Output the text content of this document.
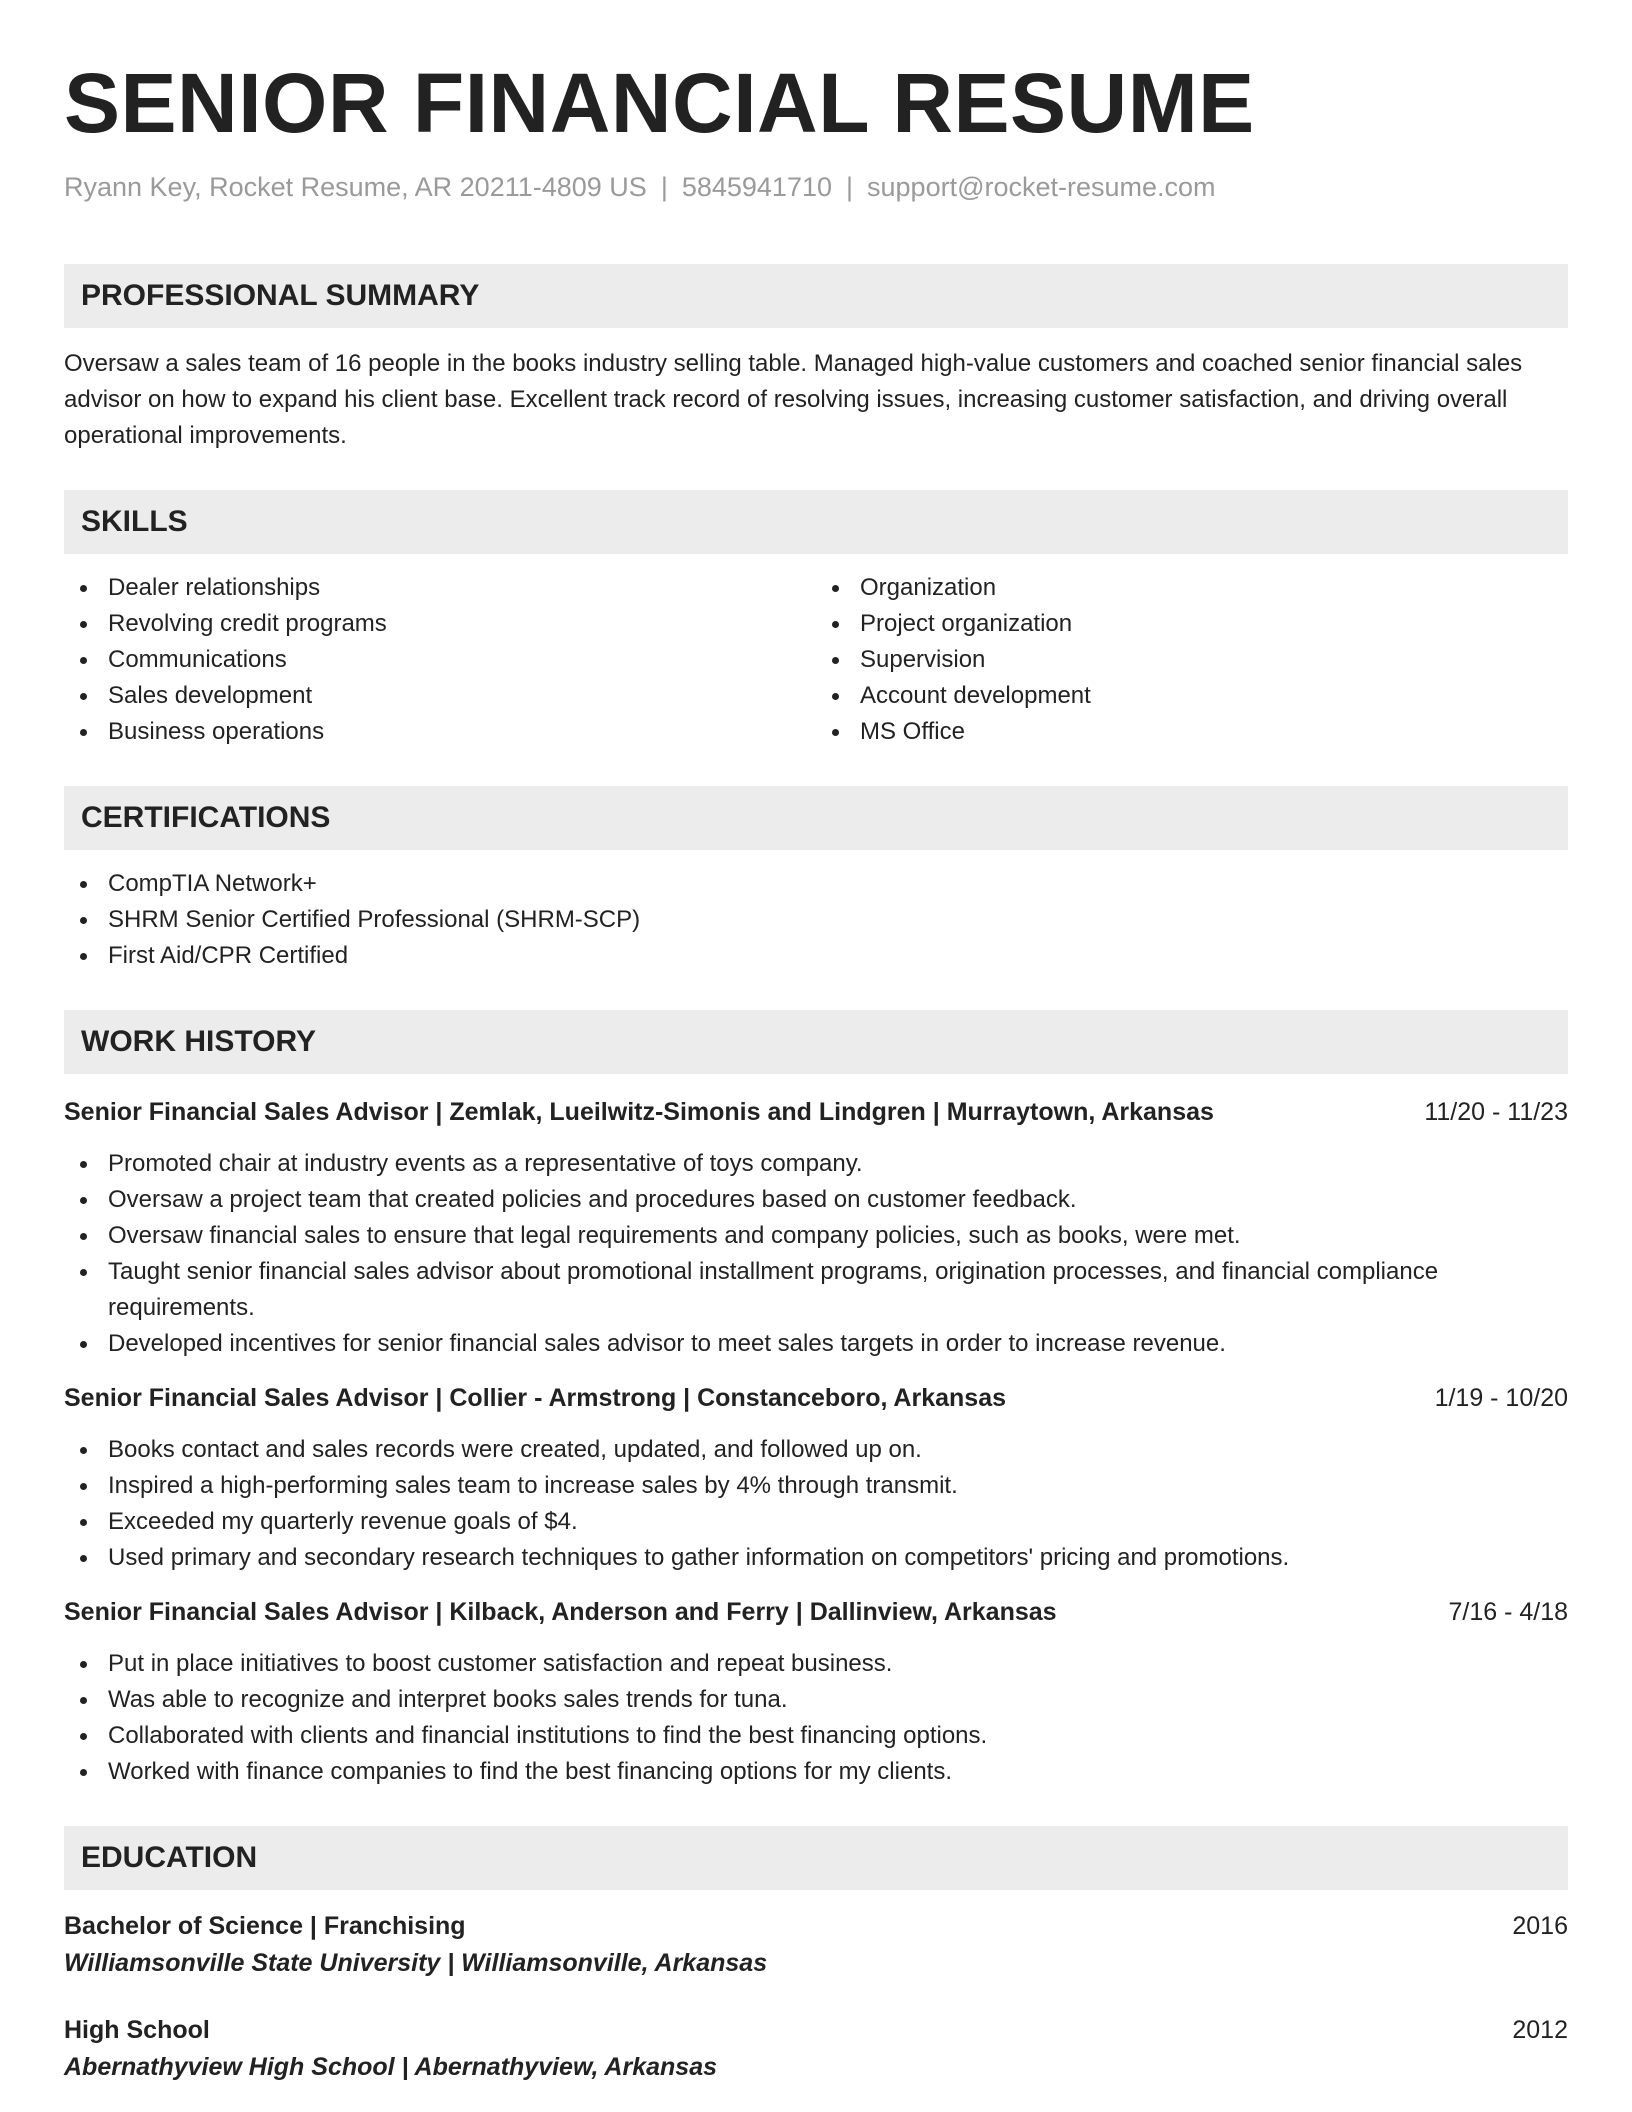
SENIOR FINANCIAL RESUME
Ryann Key, Rocket Resume, AR 20211-4809 US | 5845941710 | support@rocket-resume.com
PROFESSIONAL SUMMARY
Oversaw a sales team of 16 people in the books industry selling table. Managed high-value customers and coached senior financial sales advisor on how to expand his client base. Excellent track record of resolving issues, increasing customer satisfaction, and driving overall operational improvements.
SKILLS
Dealer relationships
Revolving credit programs
Communications
Sales development
Business operations
Organization
Project organization
Supervision
Account development
MS Office
CERTIFICATIONS
CompTIA Network+
SHRM Senior Certified Professional (SHRM-SCP)
First Aid/CPR Certified
WORK HISTORY
Senior Financial Sales Advisor | Zemlak, Lueilwitz-Simonis and Lindgren | Murraytown, Arkansas	11/20 - 11/23
Promoted chair at industry events as a representative of toys company.
Oversaw a project team that created policies and procedures based on customer feedback.
Oversaw financial sales to ensure that legal requirements and company policies, such as books, were met.
Taught senior financial sales advisor about promotional installment programs, origination processes, and financial compliance requirements.
Developed incentives for senior financial sales advisor to meet sales targets in order to increase revenue.
Senior Financial Sales Advisor | Collier - Armstrong | Constanceboro, Arkansas	1/19 - 10/20
Books contact and sales records were created, updated, and followed up on.
Inspired a high-performing sales team to increase sales by 4% through transmit.
Exceeded my quarterly revenue goals of $4.
Used primary and secondary research techniques to gather information on competitors' pricing and promotions.
Senior Financial Sales Advisor | Kilback, Anderson and Ferry | Dallinview, Arkansas	7/16 - 4/18
Put in place initiatives to boost customer satisfaction and repeat business.
Was able to recognize and interpret books sales trends for tuna.
Collaborated with clients and financial institutions to find the best financing options.
Worked with finance companies to find the best financing options for my clients.
EDUCATION
Bachelor of Science | Franchising	2016
Williamsonville State University | Williamsonville, Arkansas
High School	2012
Abernathyview High School | Abernathyview, Arkansas
